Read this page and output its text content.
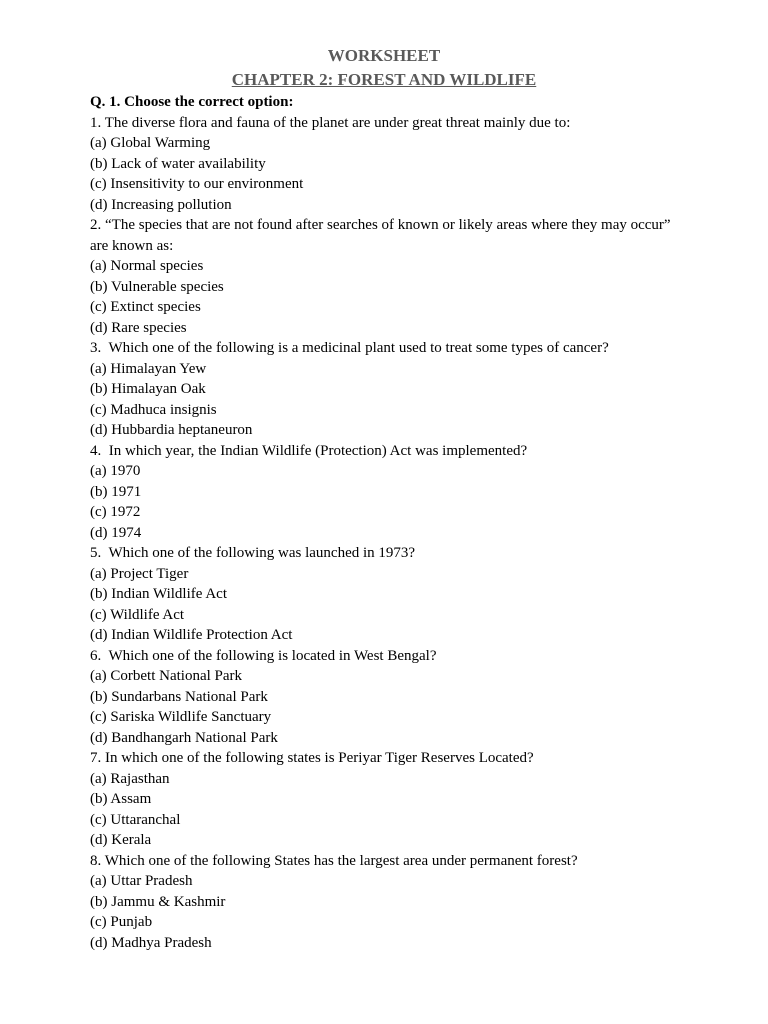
WORKSHEET

CHAPTER 2: FOREST AND WILDLIFE

Q. 1. Choose the correct option:

1. The diverse flora and fauna of the planet are under great threat mainly due to:

(a) Global Warming

(b) Lack of water availability

(c) Insensitivity to our environment

(d) Increasing pollution

2. “The species that are not found after searches of known or likely areas where they may occur” are known as:

(a) Normal species

(b) Vulnerable species

(c) Extinct species

(d) Rare species

3.  Which one of the following is a medicinal plant used to treat some types of cancer?

(a) Himalayan Yew

(b) Himalayan Oak

(c) Madhuca insignis

(d) Hubbardia heptaneuron

4.  In which year, the Indian Wildlife (Protection) Act was implemented?

(a) 1970

(b) 1971

(c) 1972

(d) 1974

5.  Which one of the following was launched in 1973?

(a) Project Tiger

(b) Indian Wildlife Act

(c) Wildlife Act

(d) Indian Wildlife Protection Act

6.  Which one of the following is located in West Bengal?

(a) Corbett National Park

(b) Sundarbans National Park

(c) Sariska Wildlife Sanctuary

(d) Bandhangarh National Park

7. In which one of the following states is Periyar Tiger Reserves Located?

(a) Rajasthan

(b) Assam

(c) Uttaranchal

(d) Kerala

8. Which one of the following States has the largest area under permanent forest?

(a) Uttar Pradesh

(b) Jammu & Kashmir

(c) Punjab

(d) Madhya Pradesh
